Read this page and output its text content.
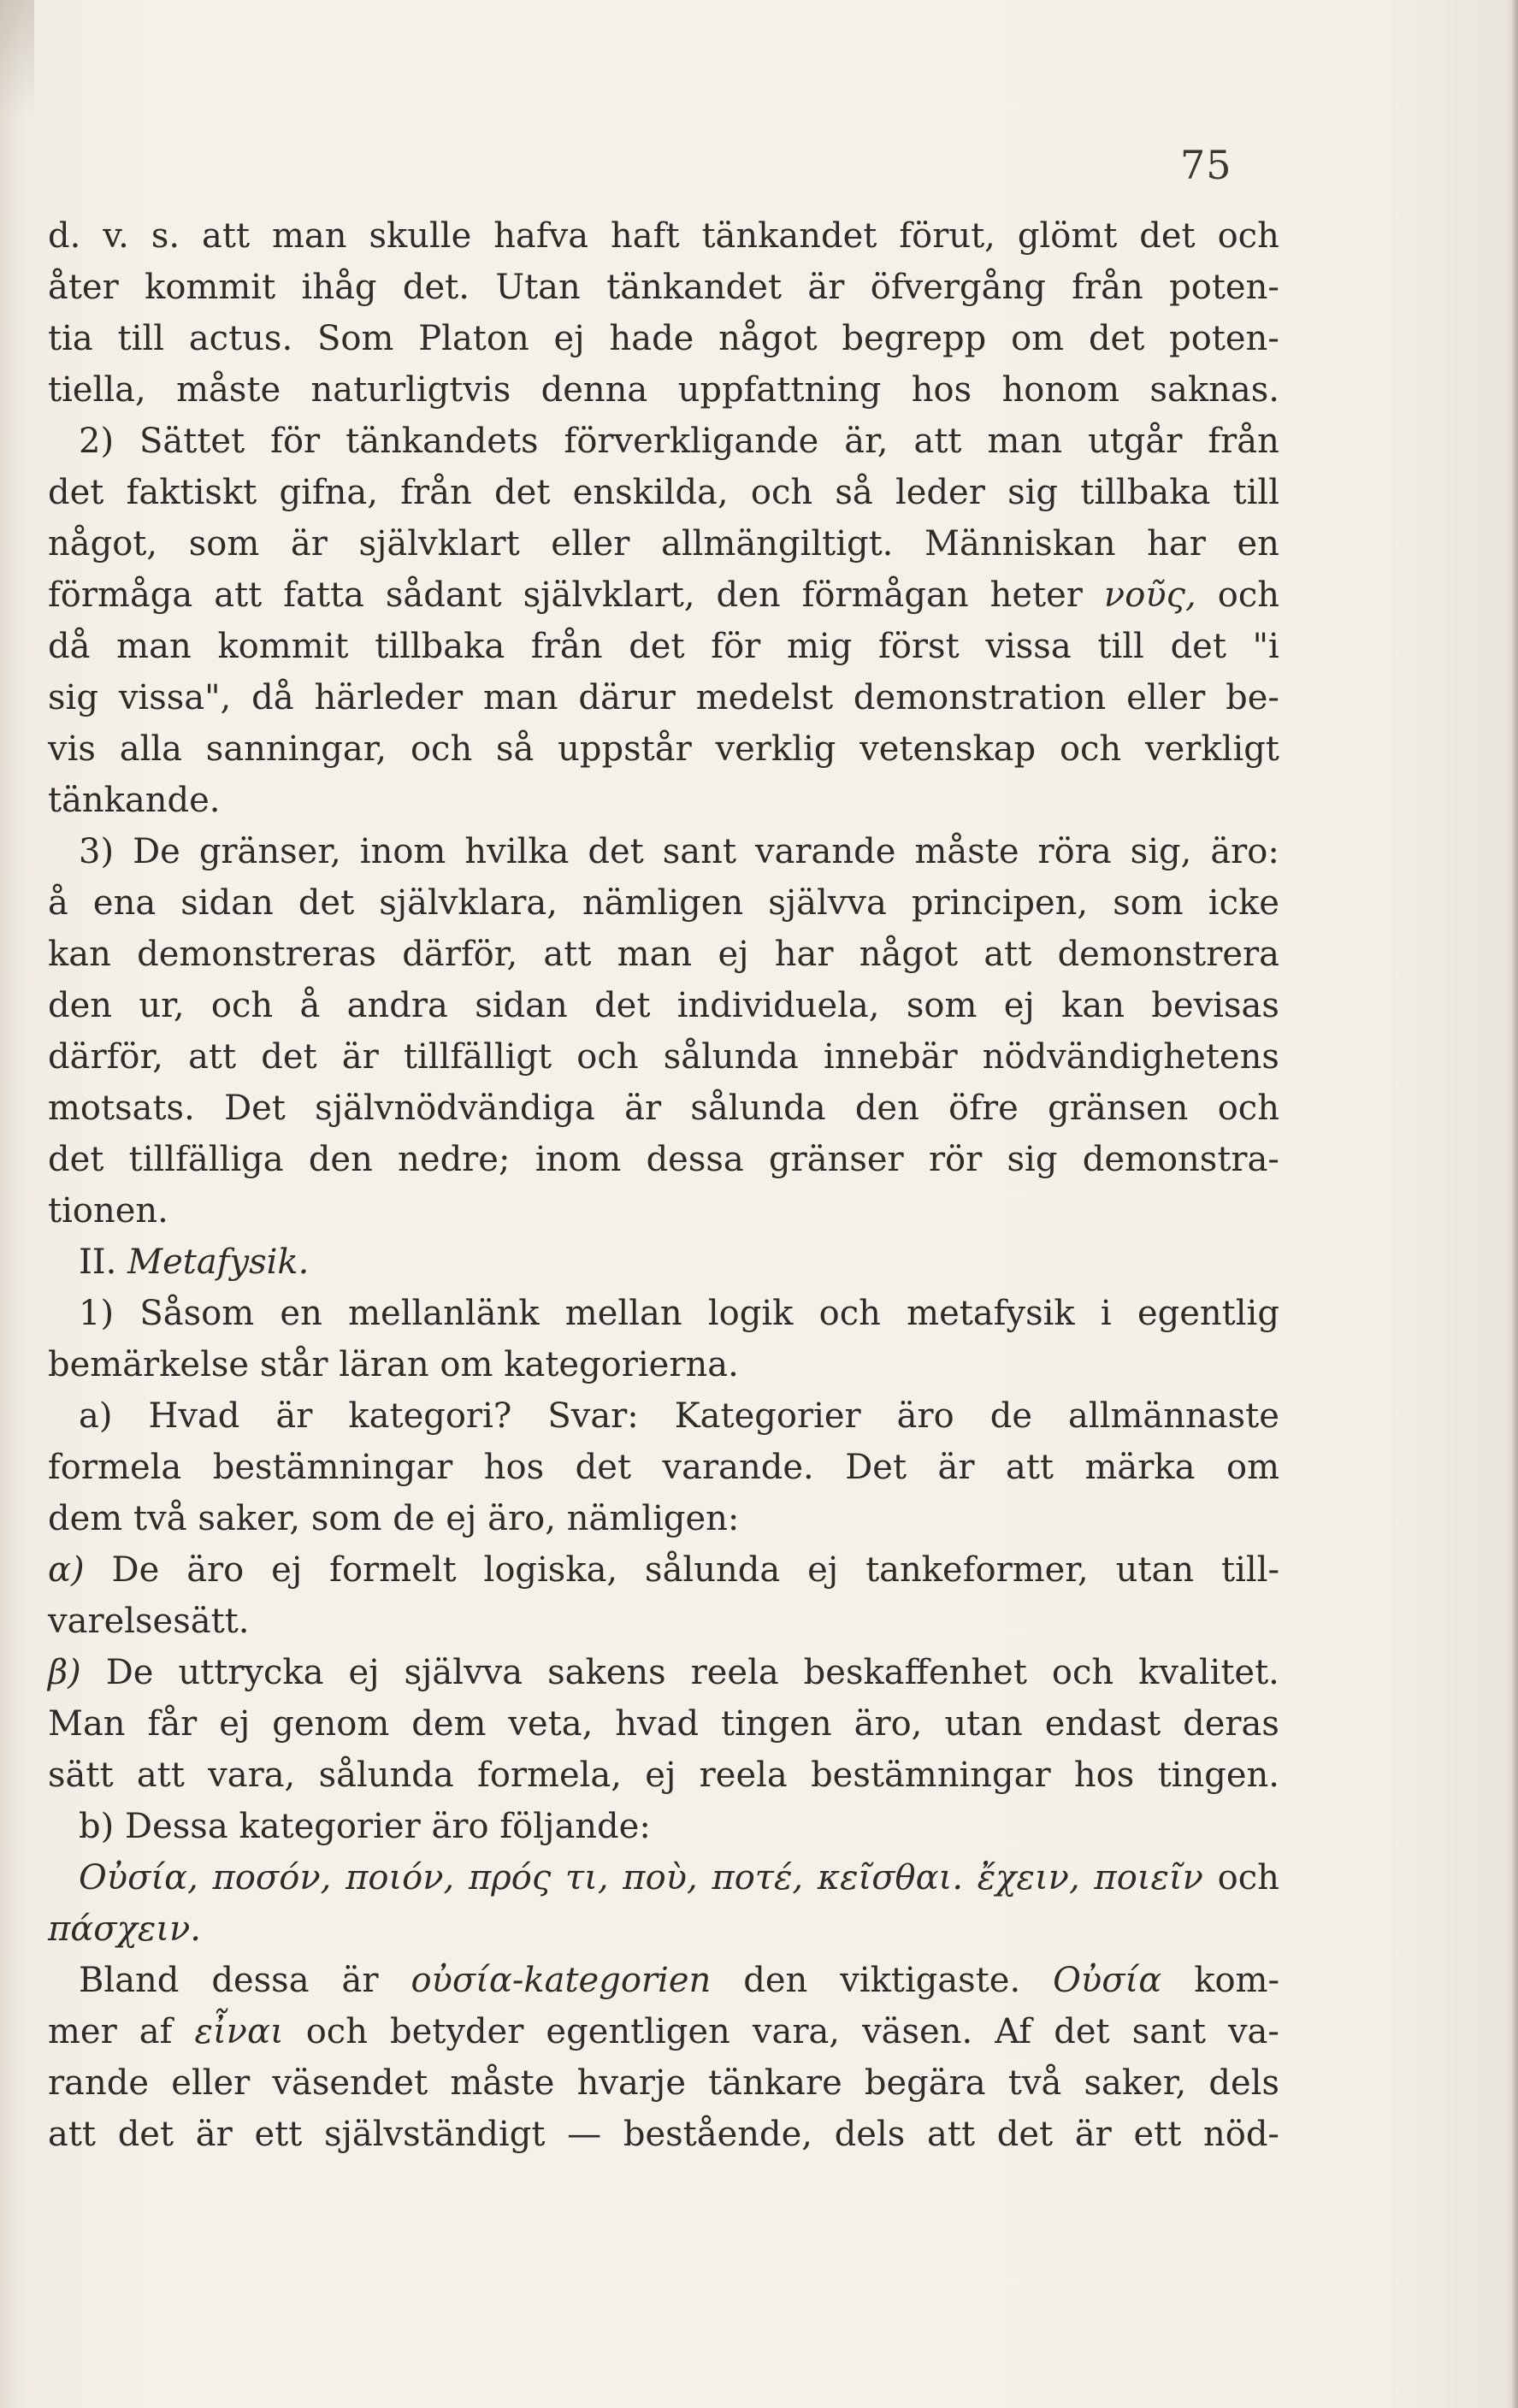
75
d. v. s. att man skulle hafva haft tänkandet förut, glömt det och
åter kommit ihåg det. Utan tänkandet är öfvergång från poten-
tia till actus. Som Platon ej hade något begrepp om det poten-
tiella, måste naturligtvis denna uppfattning hos honom saknas.
2) Sättet för tänkandets förverkligande är, att man utgår från
det faktiskt gifna, från det enskilda, och så leder sig tillbaka till
något, som är självklart eller allmängiltigt. Människan har en
förmåga att fatta sådant självklart, den förmågan heter νοῦς, och
då man kommit tillbaka från det för mig först vissa till det "i
sig vissa", då härleder man därur medelst demonstration eller be-
vis alla sanningar, och så uppstår verklig vetenskap och verkligt
tänkande.
3) De gränser, inom hvilka det sant varande måste röra sig, äro:
å ena sidan det självklara, nämligen självva principen, som icke
kan demonstreras därför, att man ej har något att demonstrera
den ur, och å andra sidan det individuela, som ej kan bevisas
därför, att det är tillfälligt och sålunda innebär nödvändighetens
motsats. Det självnödvändiga är sålunda den öfre gränsen och
det tillfälliga den nedre; inom dessa gränser rör sig demonstra-
tionen.
II. Metafysik.
1) Såsom en mellanlänk mellan logik och metafysik i egentlig
bemärkelse står läran om kategorierna.
a) Hvad är kategori? Svar: Kategorier äro de allmännaste
formela bestämningar hos det varande. Det är att märka om
dem två saker, som de ej äro, nämligen:
α) De äro ej formelt logiska, sålunda ej tankeformer, utan till-
varelsesätt.
β) De uttrycka ej självva sakens reela beskaffenhet och kvalitet.
Man får ej genom dem veta, hvad tingen äro, utan endast deras
sätt att vara, sålunda formela, ej reela bestämningar hos tingen.
b) Dessa kategorier äro följande:
Οὐσία, ποσόν, ποιόν, πρός τι, ποὺ, ποτέ, κεῖσθαι. ἔχειν, ποιεῖν och
πάσχειν.
Bland dessa är οὐσία-kategorien den viktigaste. Οὐσία kom-
mer af εἶναι och betyder egentligen vara, väsen. Af det sant va-
rande eller väsendet måste hvarje tänkare begära två saker, dels
att det är ett självständigt — bestående, dels att det är ett nöd-
